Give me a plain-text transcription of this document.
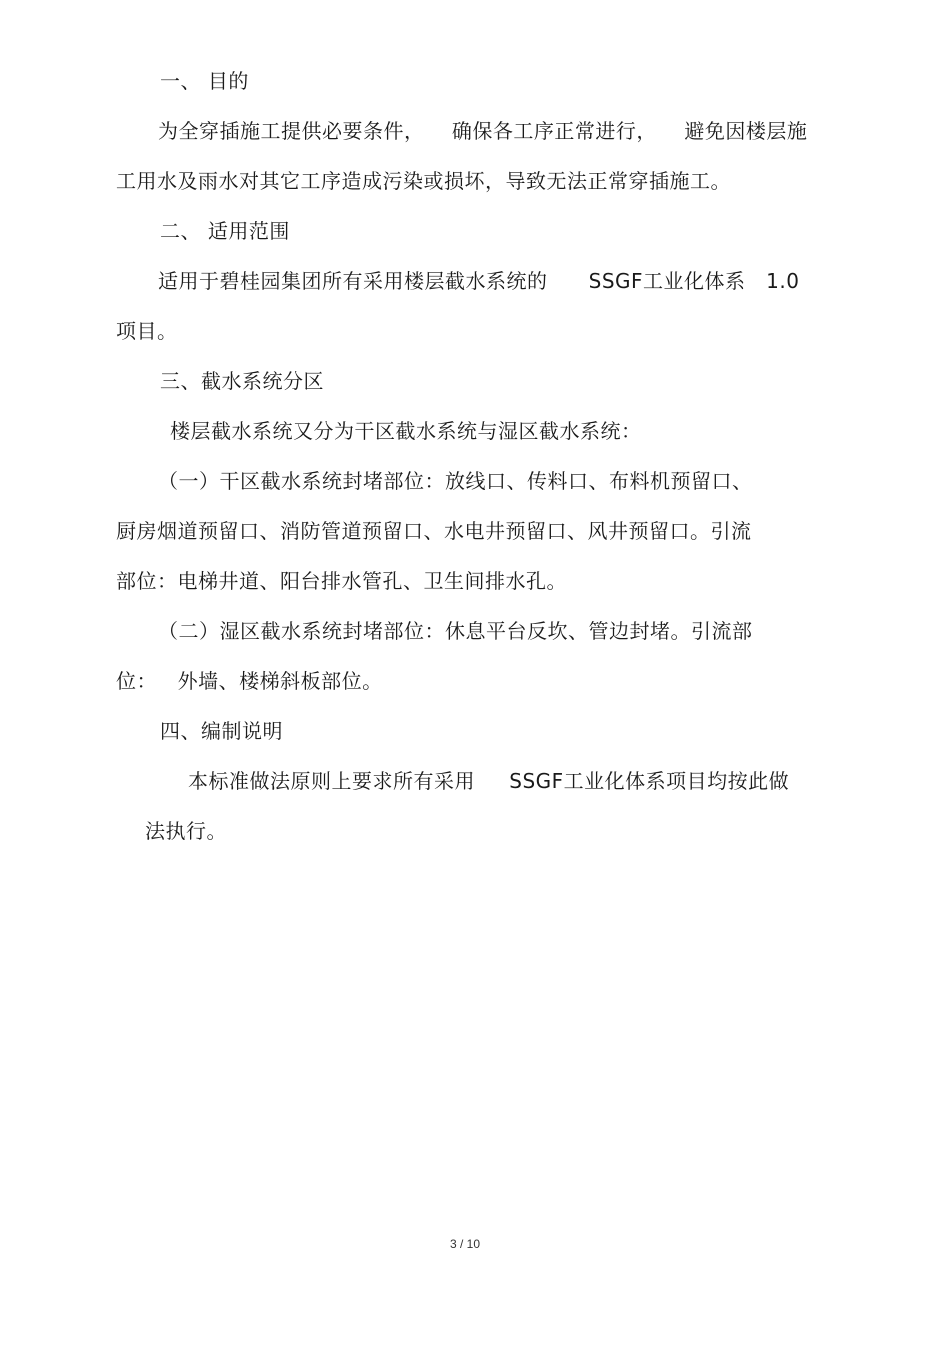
一、 目的
为全穿插施工提供必要条件，    确保各工序正常进行，    避免因楼层施
工用水及雨水对其它工序造成污染或损坏，导致无法正常穿插施工。
二、 适用范围
适用于碧桂园集团所有采用楼层截水系统的      SSGF工业化体系   1.0
项目。
三、截水系统分区
楼层截水系统又分为干区截水系统与湿区截水系统：
（一）干区截水系统封堵部位：放线口、传料口、布料机预留口、
厨房烟道预留口、消防管道预留口、水电井预留口、风井预留口。引流
部位：电梯井道、阳台排水管孔、卫生间排水孔。
（二）湿区截水系统封堵部位：休息平台反坎、管边封堵。引流部
位：   外墙、楼梯斜板部位。
四、编制说明
本标准做法原则上要求所有采用     SSGF工业化体系项目均按此做
法执行。
3 / 10
